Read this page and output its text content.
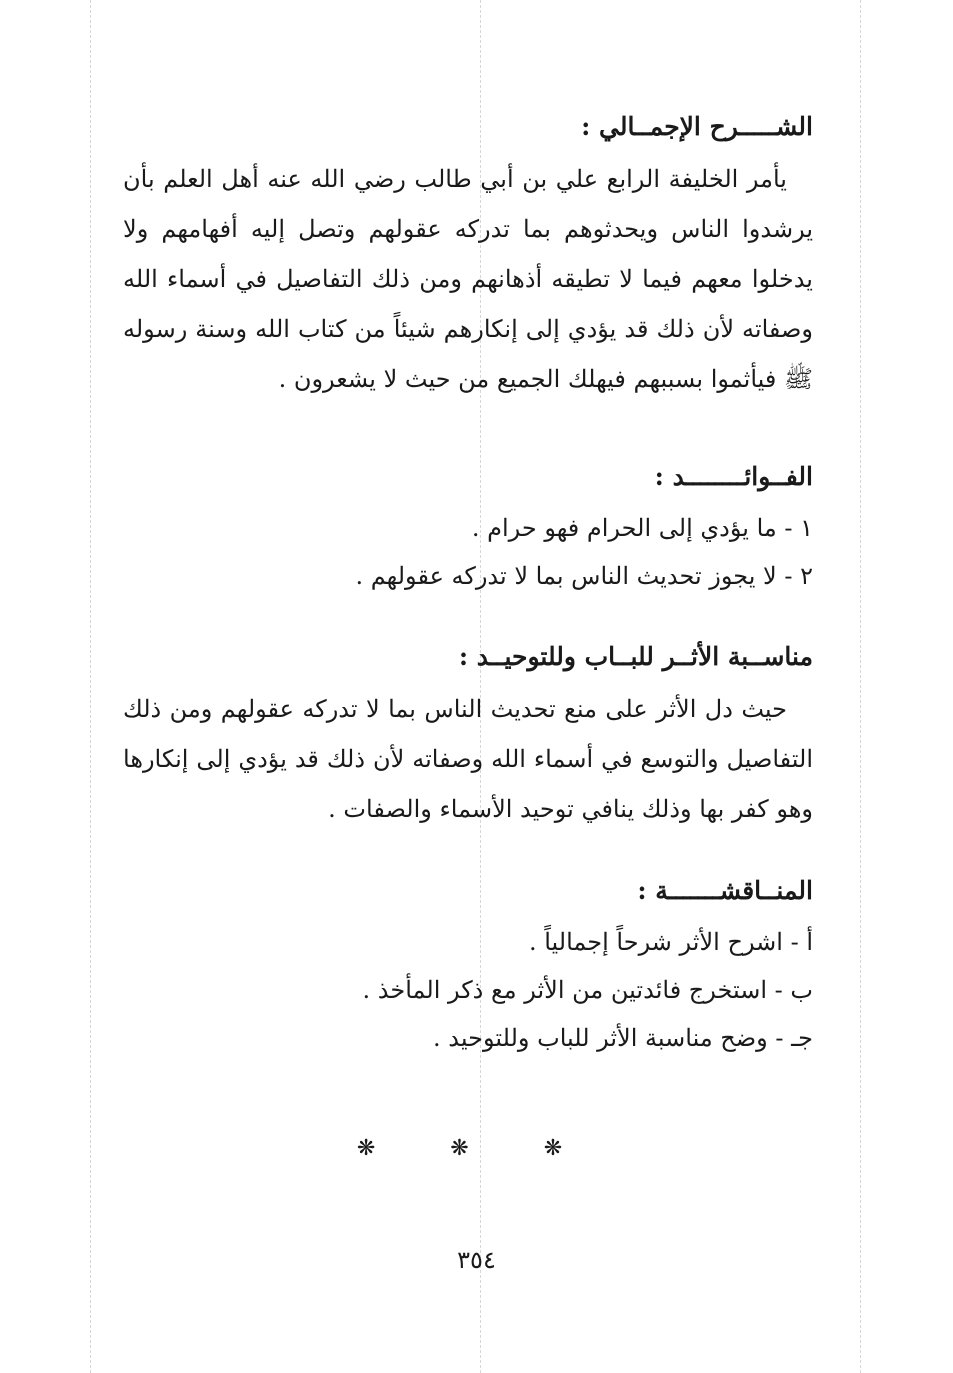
الشـــــرح الإجمــالي :

يأمر الخليفة الرابع علي بن أبي طالب رضي الله عنه أهل العلم بأن يرشدوا الناس ويحدثوهم بما تدركه عقولهم وتصل إليه أفهامهم ولا يدخلوا معهم فيما لا تطيقه أذهانهم ومن ذلك التفاصيل في أسماء الله وصفاته لأن ذلك قد يؤدي إلى إنكارهم شيئاً من كتاب الله وسنة رسوله ﷺ فيأثموا بسببهم فيهلك الجميع من حيث لا يشعرون .

الفــوائــــــــد :

١ - ما يؤدي إلى الحرام فهو حرام .

٢ - لا يجوز تحديث الناس بما لا تدركه عقولهم .

مناســبة الأثــر للبــاب وللتوحيــد :

حيث دل الأثر على منع تحديث الناس بما لا تدركه عقولهم ومن ذلك التفاصيل والتوسع في أسماء الله وصفاته لأن ذلك قد يؤدي إلى إنكارها وهو كفر بها وذلك ينافي توحيد الأسماء والصفات .

المنــاقشـــــــة :

أ - اشرح الأثر شرحاً إجمالياً .

ب - استخرج فائدتين من الأثر مع ذكر المأخذ .

جـ - وضح مناسبة الأثر للباب وللتوحيد .

❋ ❋ ❋
٣٥٤
